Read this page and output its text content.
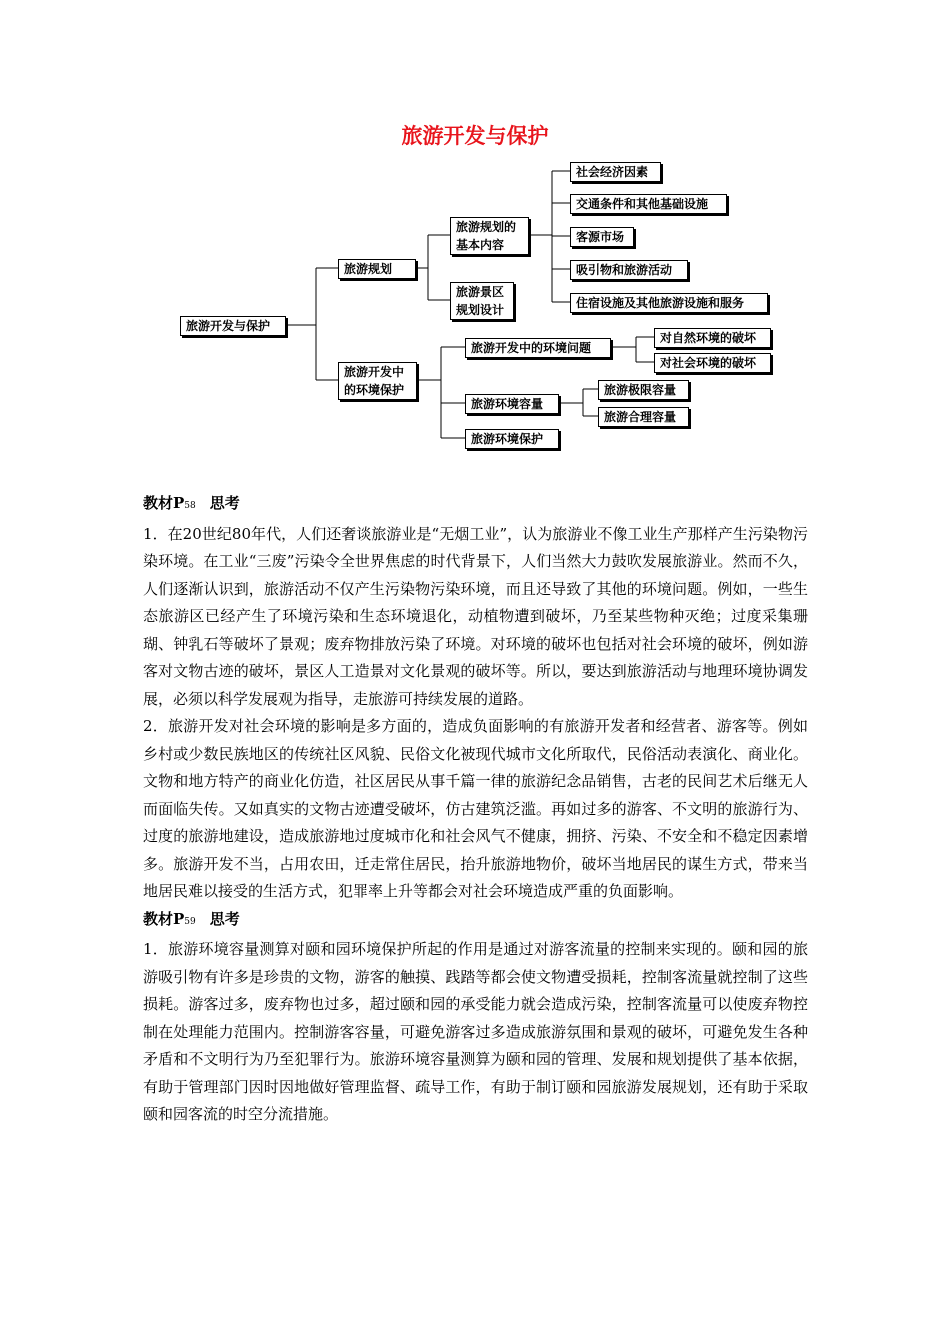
旅游开发与保护
旅游开发与保护
旅游规划
旅游规划的
基本内容
旅游景区
规划设计
社会经济因素
交通条件和其他基础设施
客源市场
吸引物和旅游活动
住宿设施及其他旅游设施和服务
旅游开发中
的环境保护
旅游开发中的环境问题
对自然环境的破坏
对社会环境的破坏
旅游环境容量
旅游极限容量
旅游合理容量
旅游环境保护

教材P58 思考

1．在20世纪80年代，人们还奢谈旅游业是“无烟工业”，认为旅游业不像工业生产那样产生污染物污染环境。在工业“三废”污染令全世界焦虑的时代背景下，人们当然大力鼓吹发展旅游业。然而不久，人们逐渐认识到，旅游活动不仅产生污染物污染环境，而且还导致了其他的环境问题。例如，一些生态旅游区已经产生了环境污染和生态环境退化，动植物遭到破坏，乃至某些物种灭绝；过度采集珊瑚、钟乳石等破坏了景观；废弃物排放污染了环境。对环境的破坏也包括对社会环境的破坏，例如游客对文物古迹的破坏，景区人工造景对文化景观的破坏等。所以，要达到旅游活动与地理环境协调发展，必须以科学发展观为指导，走旅游可持续发展的道路。

2．旅游开发对社会环境的影响是多方面的，造成负面影响的有旅游开发者和经营者、游客等。例如乡村或少数民族地区的传统社区风貌、民俗文化被现代城市文化所取代，民俗活动表演化、商业化。文物和地方特产的商业化仿造，社区居民从事千篇一律的旅游纪念品销售，古老的民间艺术后继无人而面临失传。又如真实的文物古迹遭受破坏，仿古建筑泛滥。再如过多的游客、不文明的旅游行为、过度的旅游地建设，造成旅游地过度城市化和社会风气不健康，拥挤、污染、不安全和不稳定因素增多。旅游开发不当，占用农田，迁走常住居民，抬升旅游地物价，破坏当地居民的谋生方式，带来当地居民难以接受的生活方式，犯罪率上升等都会对社会环境造成严重的负面影响。

教材P59 思考

1．旅游环境容量测算对颐和园环境保护所起的作用是通过对游客流量的控制来实现的。颐和园的旅游吸引物有许多是珍贵的文物，游客的触摸、践踏等都会使文物遭受损耗，控制客流量就控制了这些损耗。游客过多，废弃物也过多，超过颐和园的承受能力就会造成污染，控制客流量可以使废弃物控制在处理能力范围内。控制游客容量，可避免游客过多造成旅游氛围和景观的破坏，可避免发生各种矛盾和不文明行为乃至犯罪行为。旅游环境容量测算为颐和园的管理、发展和规划提供了基本依据，有助于管理部门因时因地做好管理监督、疏导工作，有助于制订颐和园旅游发展规划，还有助于采取颐和园客流的时空分流措施。
